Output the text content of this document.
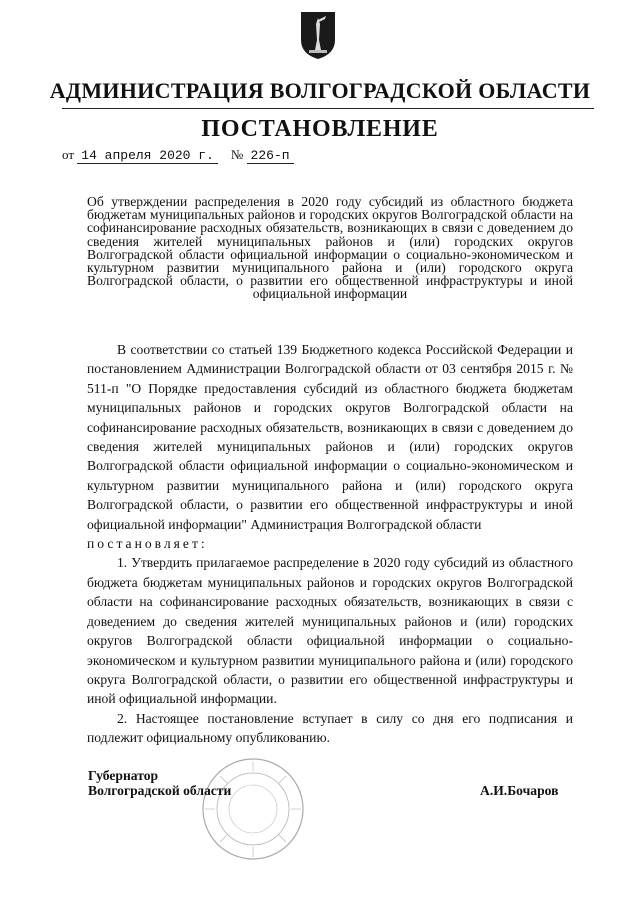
АДМИНИСТРАЦИЯ ВОЛГОГРАДСКОЙ ОБЛАСТИ
ПОСТАНОВЛЕНИЕ
от 14 апреля 2020 г. № 226-п
Об утверждении распределения в 2020 году субсидий из областного бюджета бюджетам муниципальных районов и городских округов Волгоградской области на софинансирование расходных обязательств, возникающих в связи с доведением до сведения жителей муниципальных районов и (или) городских округов Волгоградской области официальной информации о социально-экономическом и культурном развитии муниципального района и (или) городского округа Волгоградской области, о развитии его общественной инфраструктуры и иной официальной информации

В соответствии со статьей 139 Бюджетного кодекса Российской Федерации и постановлением Администрации Волгоградской области от 03 сентября 2015 г. № 511-п "О Порядке предоставления субсидий из областного бюджета бюджетам муниципальных районов и городских округов Волгоградской области на софинансирование расходных обязательств, возникающих в связи с доведением до сведения жителей муниципальных районов и (или) городских округов Волгоградской области официальной информации о социально-экономическом и культурном развитии муниципального района и (или) городского округа Волгоградской области, о развитии его общественной инфраструктуры и иной официальной информации" Администрация Волгоградской области

постановляет:

1. Утвердить прилагаемое распределение в 2020 году субсидий из областного бюджета бюджетам муниципальных районов и городских округов Волгоградской области на софинансирование расходных обязательств, возникающих в связи с доведением до сведения жителей муниципальных районов и (или) городских округов Волгоградской области официальной информации о социально-экономическом и культурном развитии муниципального района и (или) городского округа Волгоградской области, о развитии его общественной инфраструктуры и иной официальной информации.

2. Настоящее постановление вступает в силу со дня его подписания и подлежит официальному опубликованию.

Губернатор
Волгоградской области	А.И.Бочаров
